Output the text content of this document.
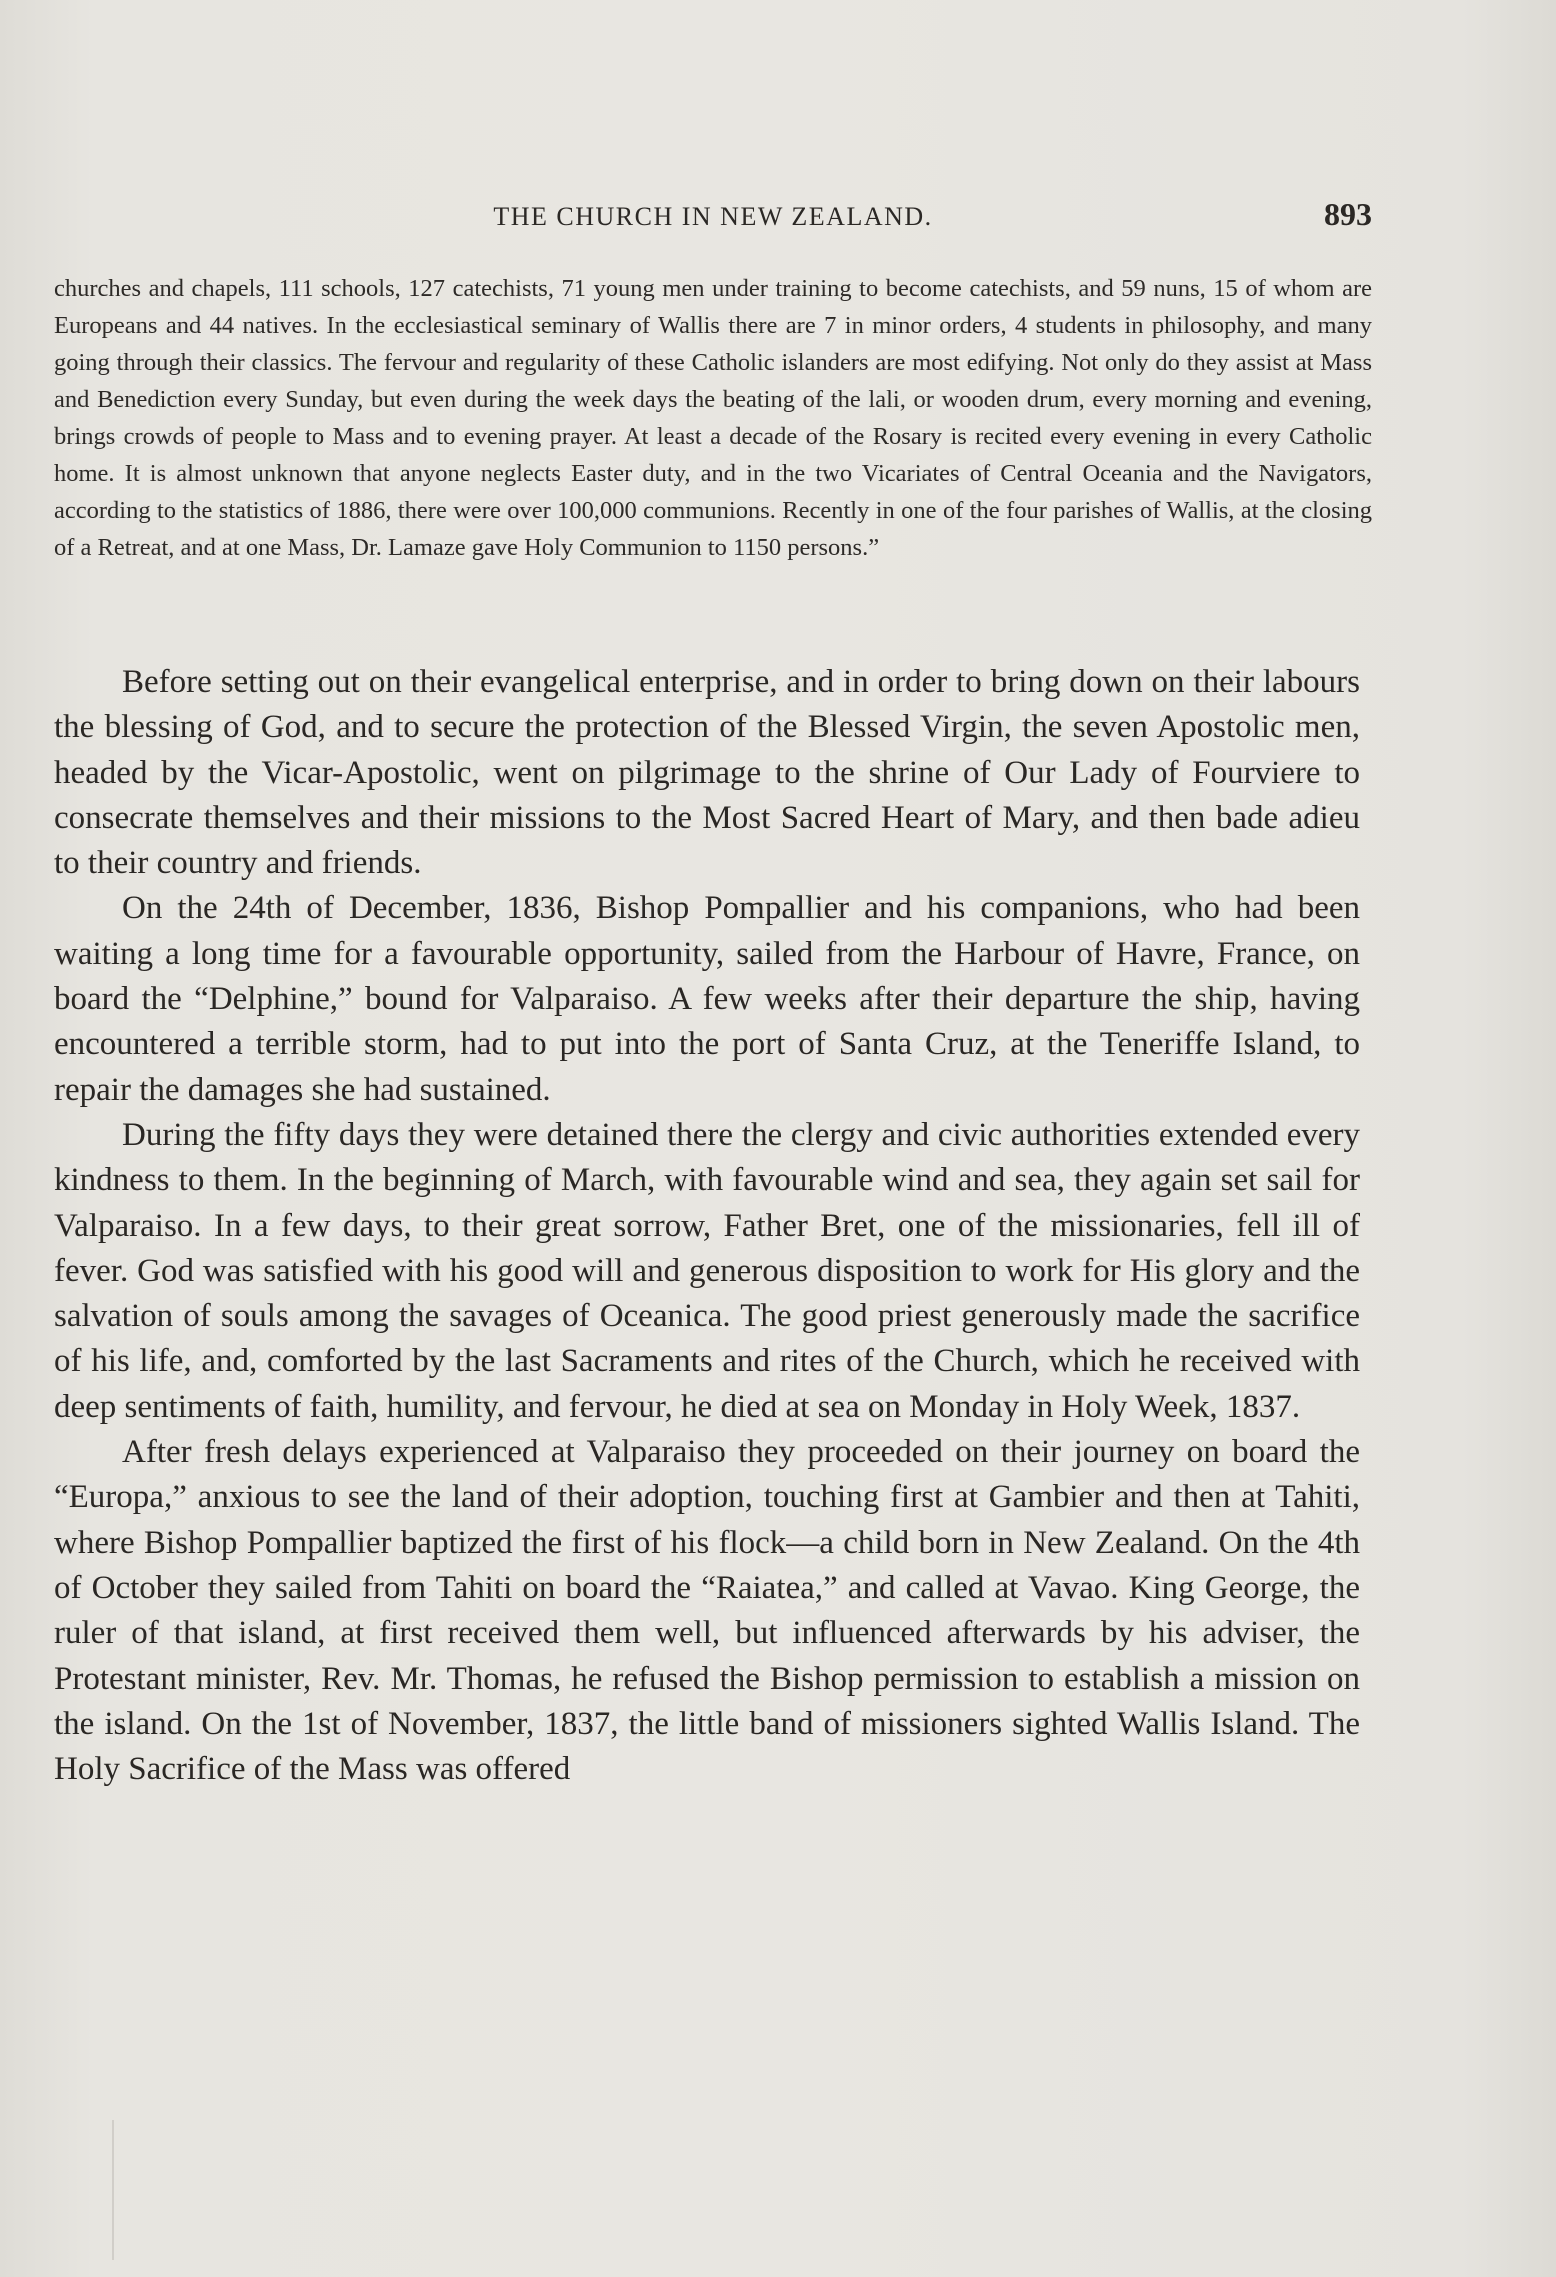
THE CHURCH IN NEW ZEALAND.	893

churches and chapels, 111 schools, 127 catechists, 71 young men under training to become catechists, and 59 nuns, 15 of whom are Europeans and 44 natives. In the ecclesiastical seminary of Wallis there are 7 in minor orders, 4 students in philosophy, and many going through their classics. The fervour and regularity of these Catholic islanders are most edifying. Not only do they assist at Mass and Benediction every Sunday, but even during the week days the beating of the lali, or wooden drum, every morning and evening, brings crowds of people to Mass and to evening prayer. At least a decade of the Rosary is recited every evening in every Catholic home. It is almost unknown that anyone neglects Easter duty, and in the two Vicariates of Central Oceania and the Navigators, according to the statistics of 1886, there were over 100,000 communions. Recently in one of the four parishes of Wallis, at the closing of a Retreat, and at one Mass, Dr. Lamaze gave Holy Communion to 1150 persons.”

Before setting out on their evangelical enterprise, and in order to bring down on their labours the blessing of God, and to secure the protection of the Blessed Virgin, the seven Apostolic men, headed by the Vicar-Apostolic, went on pilgrimage to the shrine of Our Lady of Fourviere to consecrate themselves and their missions to the Most Sacred Heart of Mary, and then bade adieu to their country and friends.

On the 24th of December, 1836, Bishop Pompallier and his companions, who had been waiting a long time for a favourable opportunity, sailed from the Harbour of Havre, France, on board the “Delphine,” bound for Valparaiso. A few weeks after their departure the ship, having encountered a terrible storm, had to put into the port of Santa Cruz, at the Teneriffe Island, to repair the damages she had sustained.

During the fifty days they were detained there the clergy and civic authorities extended every kindness to them. In the beginning of March, with favourable wind and sea, they again set sail for Valparaiso. In a few days, to their great sorrow, Father Bret, one of the missionaries, fell ill of fever. God was satisfied with his good will and generous disposition to work for His glory and the salvation of souls among the savages of Oceanica. The good priest generously made the sacrifice of his life, and, comforted by the last Sacraments and rites of the Church, which he received with deep sentiments of faith, humility, and fervour, he died at sea on Monday in Holy Week, 1837.

After fresh delays experienced at Valparaiso they proceeded on their journey on board the “Europa,” anxious to see the land of their adoption, touching first at Gambier and then at Tahiti, where Bishop Pompallier baptized the first of his flock—a child born in New Zealand. On the 4th of October they sailed from Tahiti on board the “Raiatea,” and called at Vavao. King George, the ruler of that island, at first received them well, but influenced afterwards by his adviser, the Protestant minister, Rev. Mr. Thomas, he refused the Bishop permission to establish a mission on the island. On the 1st of November, 1837, the little band of missioners sighted Wallis Island. The Holy Sacrifice of the Mass was offered
